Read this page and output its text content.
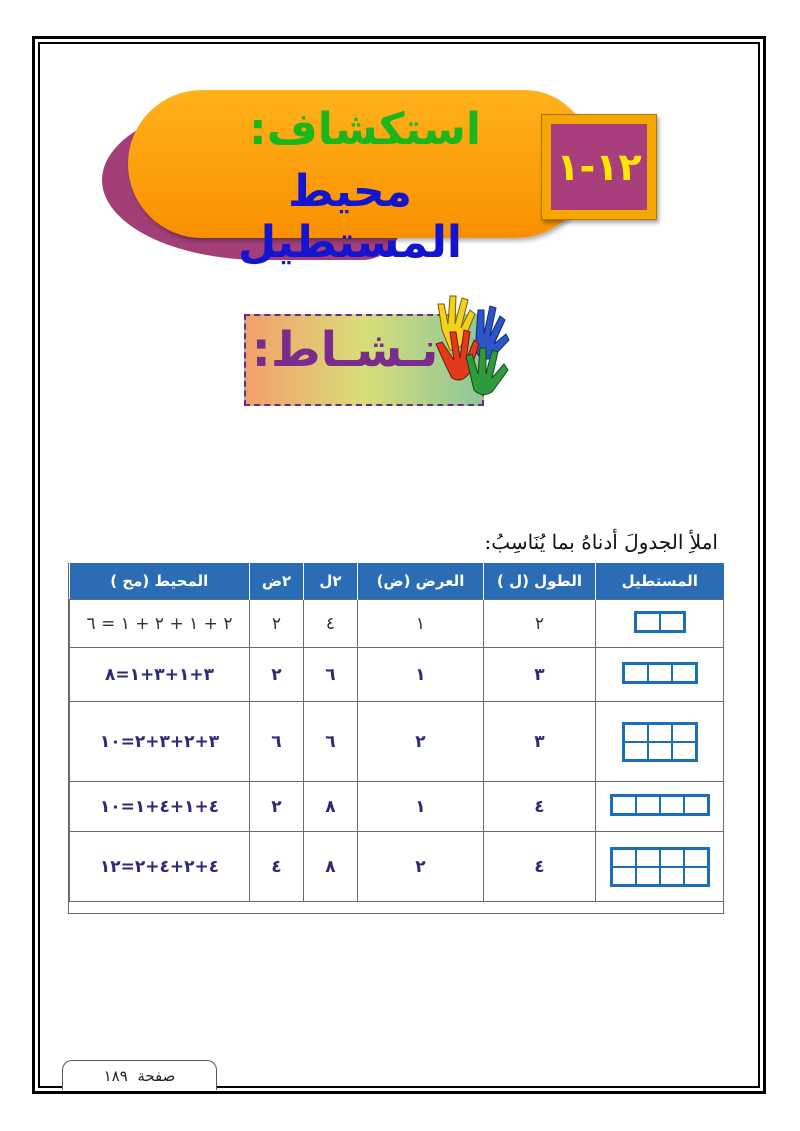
استكشاف:
محيط المستطيل
١٢-١
نـشـاط:
املأِ الجدولَ أدناهُ بما يُنَاسِبُ:
المستطيل	الطول (ل )	العرض (ض)	٢ل	٢ض	المحيط (مح )

	٢	١	٤	٢	٢ + ١ + ٢ + ١ = ٦

	٣	١	٦	٢	٣+١+٣+١=٨

	٣	٢	٦	٦	٣+٢+٣+٢=١٠

	٤	١	٨	٢	٤+١+٤+١=١٠

	٤	٢	٨	٤	٤+٢+٤+٢=١٢
صفحة

١٨٩
